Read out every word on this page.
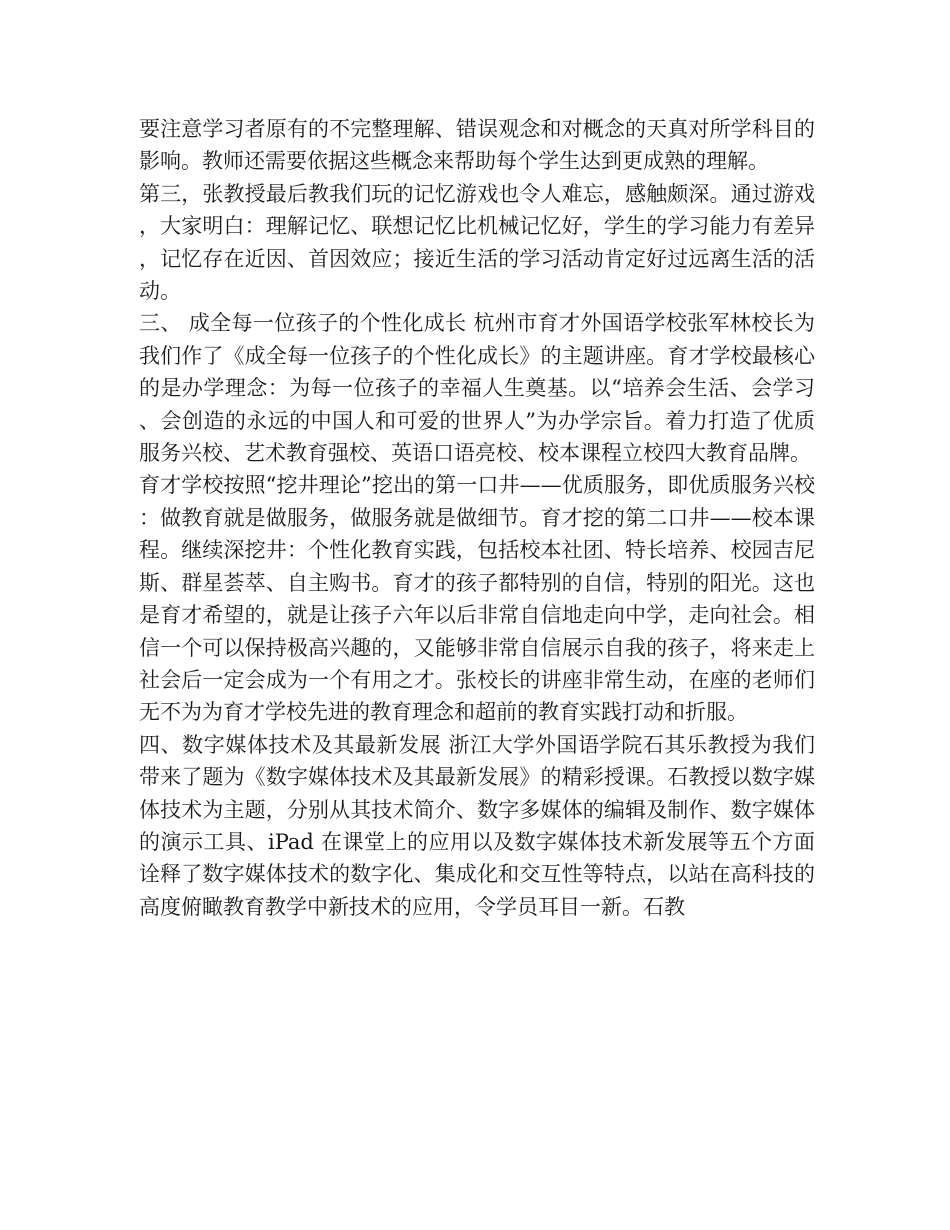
要注意学习者原有的不完整理解、错误观念和对概念的天真对所学科目的影响。教师还需要依据这些概念来帮助每个学生达到更成熟的理解。

第三，张教授最后教我们玩的记忆游戏也令人难忘，感触颇深。通过游戏，大家明白：理解记忆、联想记忆比机械记忆好，学生的学习能力有差异，记忆存在近因、首因效应；接近生活的学习活动肯定好过远离生活的活动。

三、 成全每一位孩子的个性化成长 杭州市育才外国语学校张军林校长为我们作了《成全每一位孩子的个性化成长》的主题讲座。育才学校最核心的是办学理念：为每一位孩子的幸福人生奠基。以“培养会生活、会学习、会创造的永远的中国人和可爱的世界人”为办学宗旨。着力打造了优质服务兴校、艺术教育强校、英语口语亮校、校本课程立校四大教育品牌。

育才学校按照“挖井理论”挖出的第一口井——优质服务，即优质服务兴校：做教育就是做服务，做服务就是做细节。育才挖的第二口井——校本课程。继续深挖井：个性化教育实践，包括校本社团、特长培养、校园吉尼斯、群星荟萃、自主购书。育才的孩子都特别的自信，特别的阳光。这也是育才希望的，就是让孩子六年以后非常自信地走向中学，走向社会。相信一个可以保持极高兴趣的，又能够非常自信展示自我的孩子，将来走上社会后一定会成为一个有用之才。张校长的讲座非常生动，在座的老师们无不为为育才学校先进的教育理念和超前的教育实践打动和折服。

四、数字媒体技术及其最新发展 浙江大学外国语学院石其乐教授为我们带来了题为《数字媒体技术及其最新发展》的精彩授课。石教授以数字媒体技术为主题，分别从其技术简介、数字多媒体的编辑及制作、数字媒体的演示工具、iPad 在课堂上的应用以及数字媒体技术新发展等五个方面诠释了数字媒体技术的数字化、集成化和交互性等特点，以站在高科技的高度俯瞰教育教学中新技术的应用，令学员耳目一新。石教
